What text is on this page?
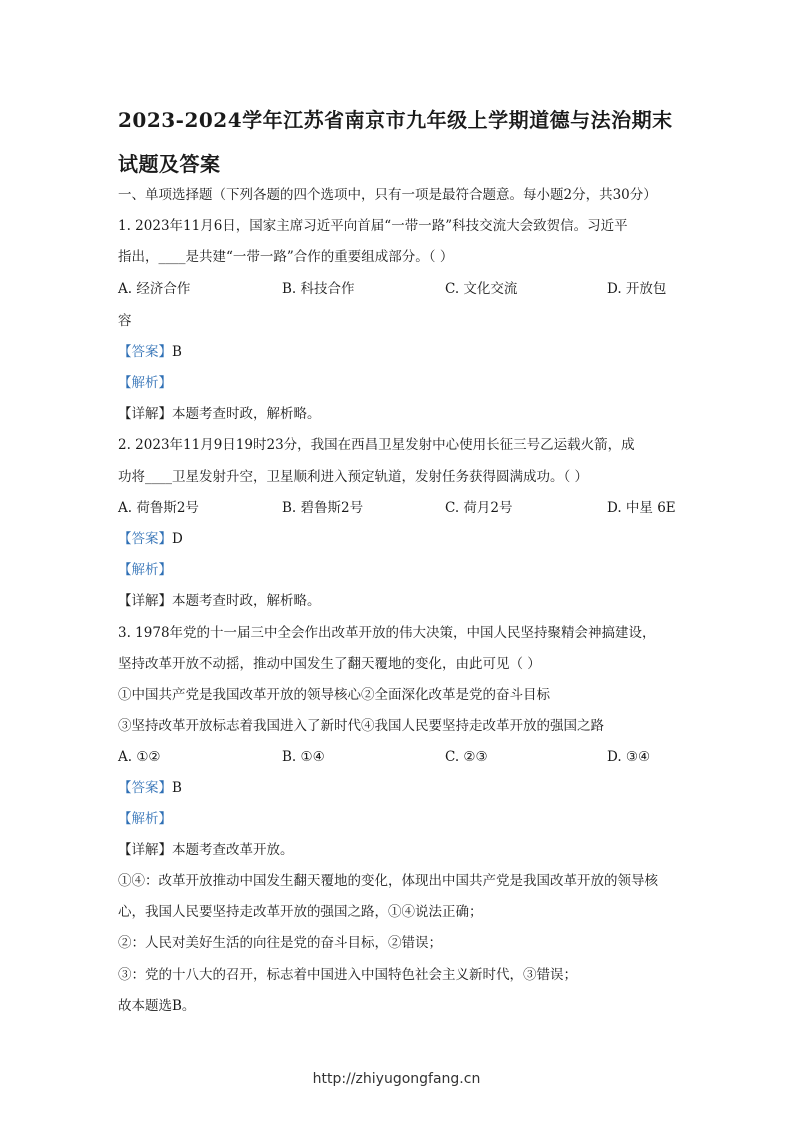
2023-2024学年江苏省南京市九年级上学期道德与法治期末
试题及答案
一、单项选择题（下列各题的四个选项中，只有一项是最符合题意。每小题2分，共30分）
1. 2023年11月6日，国家主席习近平向首届“一带一路”科技交流大会致贺信。习近平
指出，____是共建“一带一路”合作的重要组成部分。（ ）
A. 经济合作	B. 科技合作	C. 文化交流	D. 开放包
容
【答案】B
【解析】
【详解】本题考查时政，解析略。
2. 2023年11月9日19时23分，我国在西昌卫星发射中心使用长征三号乙运载火箭，成
功将____卫星发射升空，卫星顺利进入预定轨道，发射任务获得圆满成功。（ ）
A. 荷鲁斯2号	B. 碧鲁斯2号	C. 荷月2号	D. 中星 6E
【答案】D
【解析】
【详解】本题考查时政，解析略。
3. 1978年党的十一届三中全会作出改革开放的伟大决策，中国人民坚持聚精会神搞建设，
坚持改革开放不动摇，推动中国发生了翻天覆地的变化，由此可见（ ）
①中国共产党是我国改革开放的领导核心②全面深化改革是党的奋斗目标
③坚持改革开放标志着我国进入了新时代④我国人民要坚持走改革开放的强国之路
A. ①②	B. ①④	C. ②③	D. ③④
【答案】B
【解析】
【详解】本题考查改革开放。
①④：改革开放推动中国发生翻天覆地的变化，体现出中国共产党是我国改革开放的领导核
心，我国人民要坚持走改革开放的强国之路，①④说法正确；
②：人民对美好生活的向往是党的奋斗目标，②错误；
③：党的十八大的召开，标志着中国进入中国特色社会主义新时代，③错误；
故本题选B。
http://zhiyugongfang.cn
